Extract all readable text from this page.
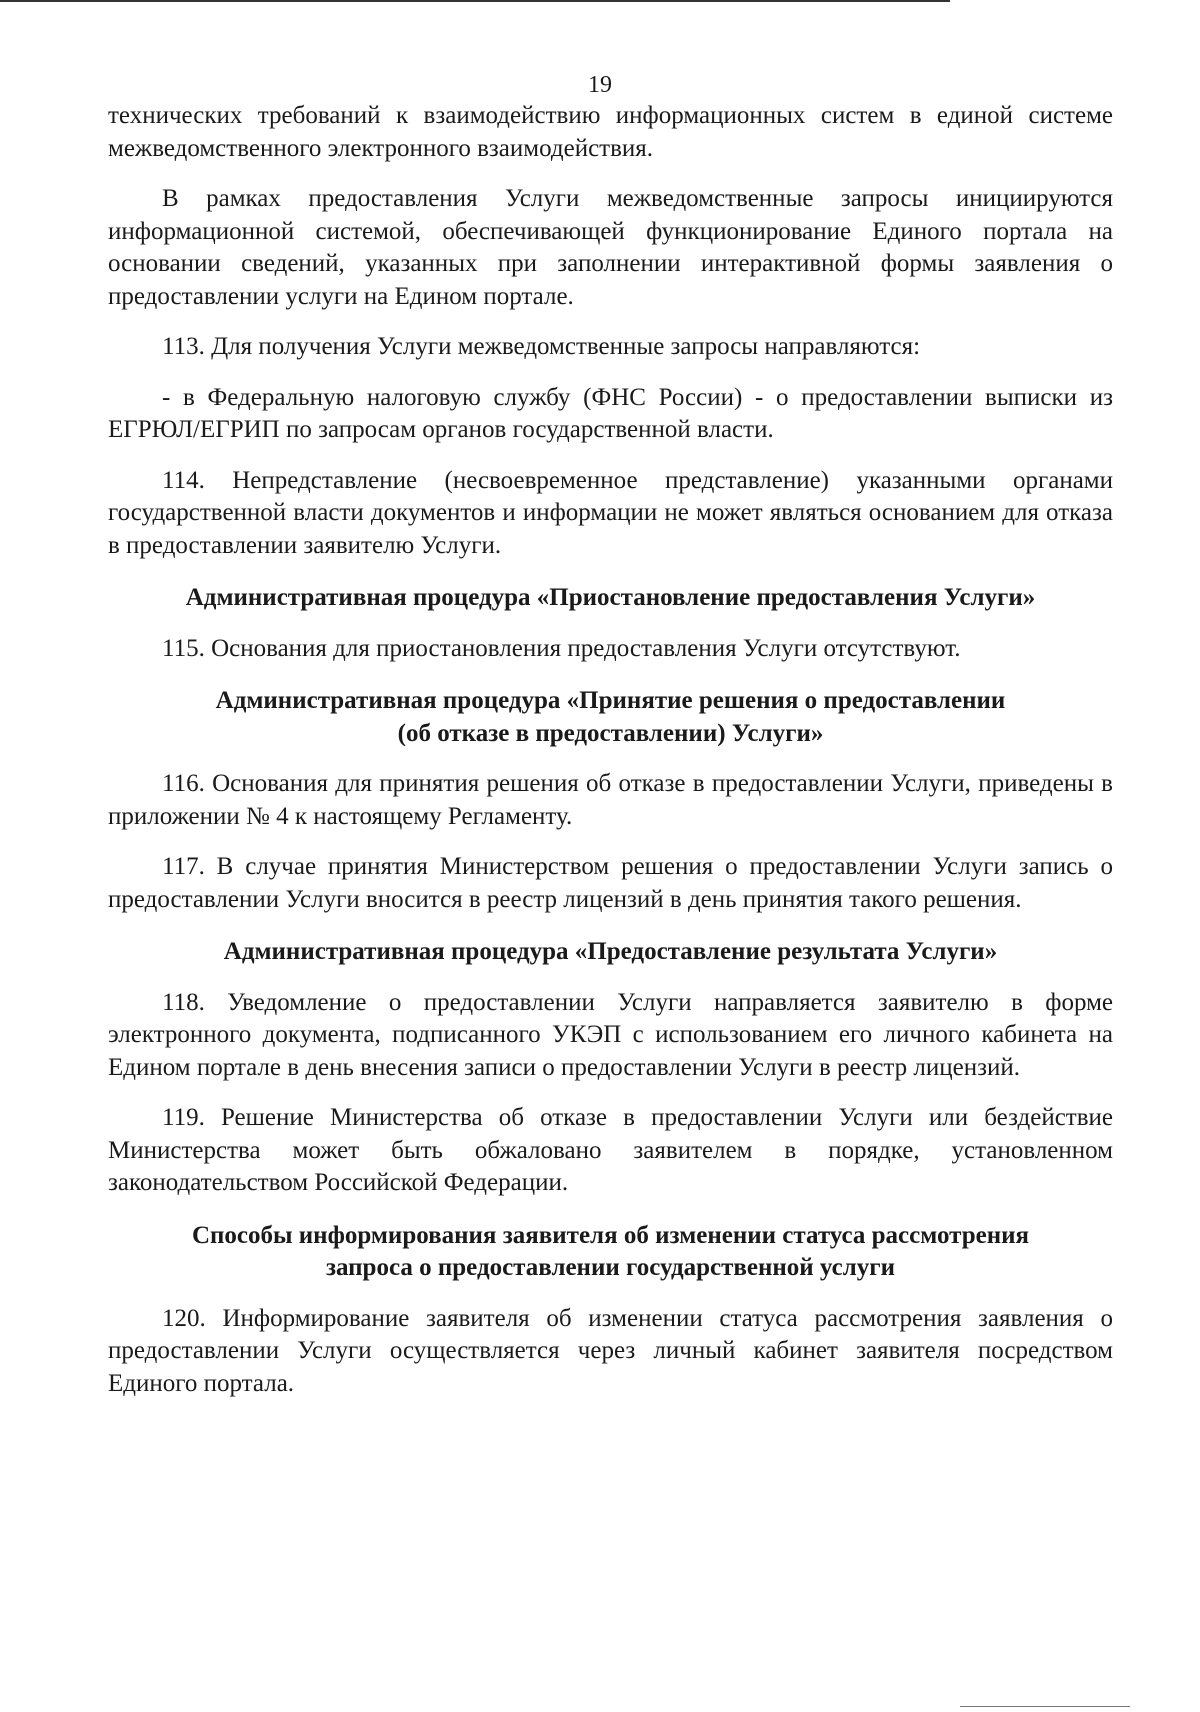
19

технических требований к взаимодействию информационных систем в единой системе межведомственного электронного взаимодействия.

В рамках предоставления Услуги межведомственные запросы инициируются информационной системой, обеспечивающей функционирование Единого портала на основании сведений, указанных при заполнении интерактивной формы заявления о предоставлении услуги на Едином портале.

113. Для получения Услуги межведомственные запросы направляются:

- в Федеральную налоговую службу (ФНС России) - о предоставлении выписки из ЕГРЮЛ/ЕГРИП по запросам органов государственной власти.

114. Непредставление (несвоевременное представление) указанными органами государственной власти документов и информации не может являться основанием для отказа в предоставлении заявителю Услуги.

Административная процедура «Приостановление предоставления Услуги»

115. Основания для приостановления предоставления Услуги отсутствуют.

Административная процедура «Принятие решения о предоставлении
(об отказе в предоставлении) Услуги»

116. Основания для принятия решения об отказе в предоставлении Услуги, приведены в приложении № 4 к настоящему Регламенту.

117. В случае принятия Министерством решения о предоставлении Услуги запись о предоставлении Услуги вносится в реестр лицензий в день принятия такого решения.

Административная процедура «Предоставление результата Услуги»

118. Уведомление о предоставлении Услуги направляется заявителю в форме электронного документа, подписанного УКЭП с использованием его личного кабинета на Едином портале в день внесения записи о предоставлении Услуги в реестр лицензий.

119. Решение Министерства об отказе в предоставлении Услуги или бездействие Министерства может быть обжаловано заявителем в порядке, установленном законодательством Российской Федерации.

Способы информирования заявителя об изменении статуса рассмотрения
запроса о предоставлении государственной услуги

120. Информирование заявителя об изменении статуса рассмотрения заявления о предоставлении Услуги осуществляется через личный кабинет заявителя посредством Единого портала.
